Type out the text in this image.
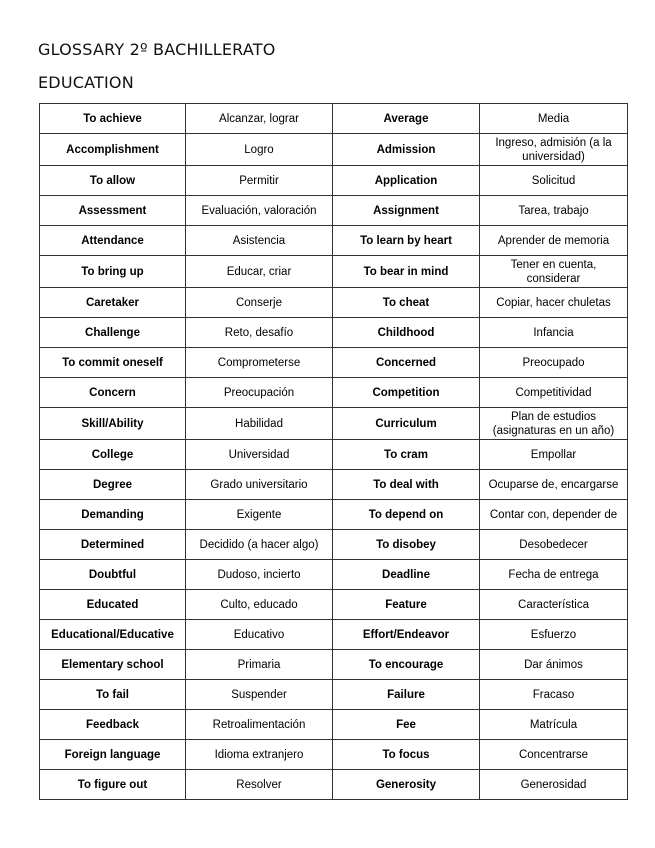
GLOSSARY 2º BACHILLERATO
EDUCATION
To achieve	Alcanzar, lograr	Average	Media
Accomplishment	Logro	Admission	Ingreso, admisión (a la universidad)
To allow	Permitir	Application	Solicitud
Assessment	Evaluación, valoración	Assignment	Tarea, trabajo
Attendance	Asistencia	To learn by heart	Aprender de memoria
To bring up	Educar, criar	To bear in mind	Tener en cuenta, considerar
Caretaker	Conserje	To cheat	Copiar, hacer chuletas
Challenge	Reto, desafío	Childhood	Infancia
To commit oneself	Comprometerse	Concerned	Preocupado
Concern	Preocupación	Competition	Competitividad
Skill/Ability	Habilidad	Curriculum	Plan de estudios (asignaturas en un año)
College	Universidad	To cram	Empollar
Degree	Grado universitario	To deal with	Ocuparse de, encargarse
Demanding	Exigente	To depend on	Contar con, depender de
Determined	Decidido (a hacer algo)	To disobey	Desobedecer
Doubtful	Dudoso, incierto	Deadline	Fecha de entrega
Educated	Culto, educado	Feature	Característica
Educational/Educative	Educativo	Effort/Endeavor	Esfuerzo
Elementary school	Primaria	To encourage	Dar ánimos
To fail	Suspender	Failure	Fracaso
Feedback	Retroalimentación	Fee	Matrícula
Foreign language	Idioma extranjero	To focus	Concentrarse
To figure out	Resolver	Generosity	Generosidad
